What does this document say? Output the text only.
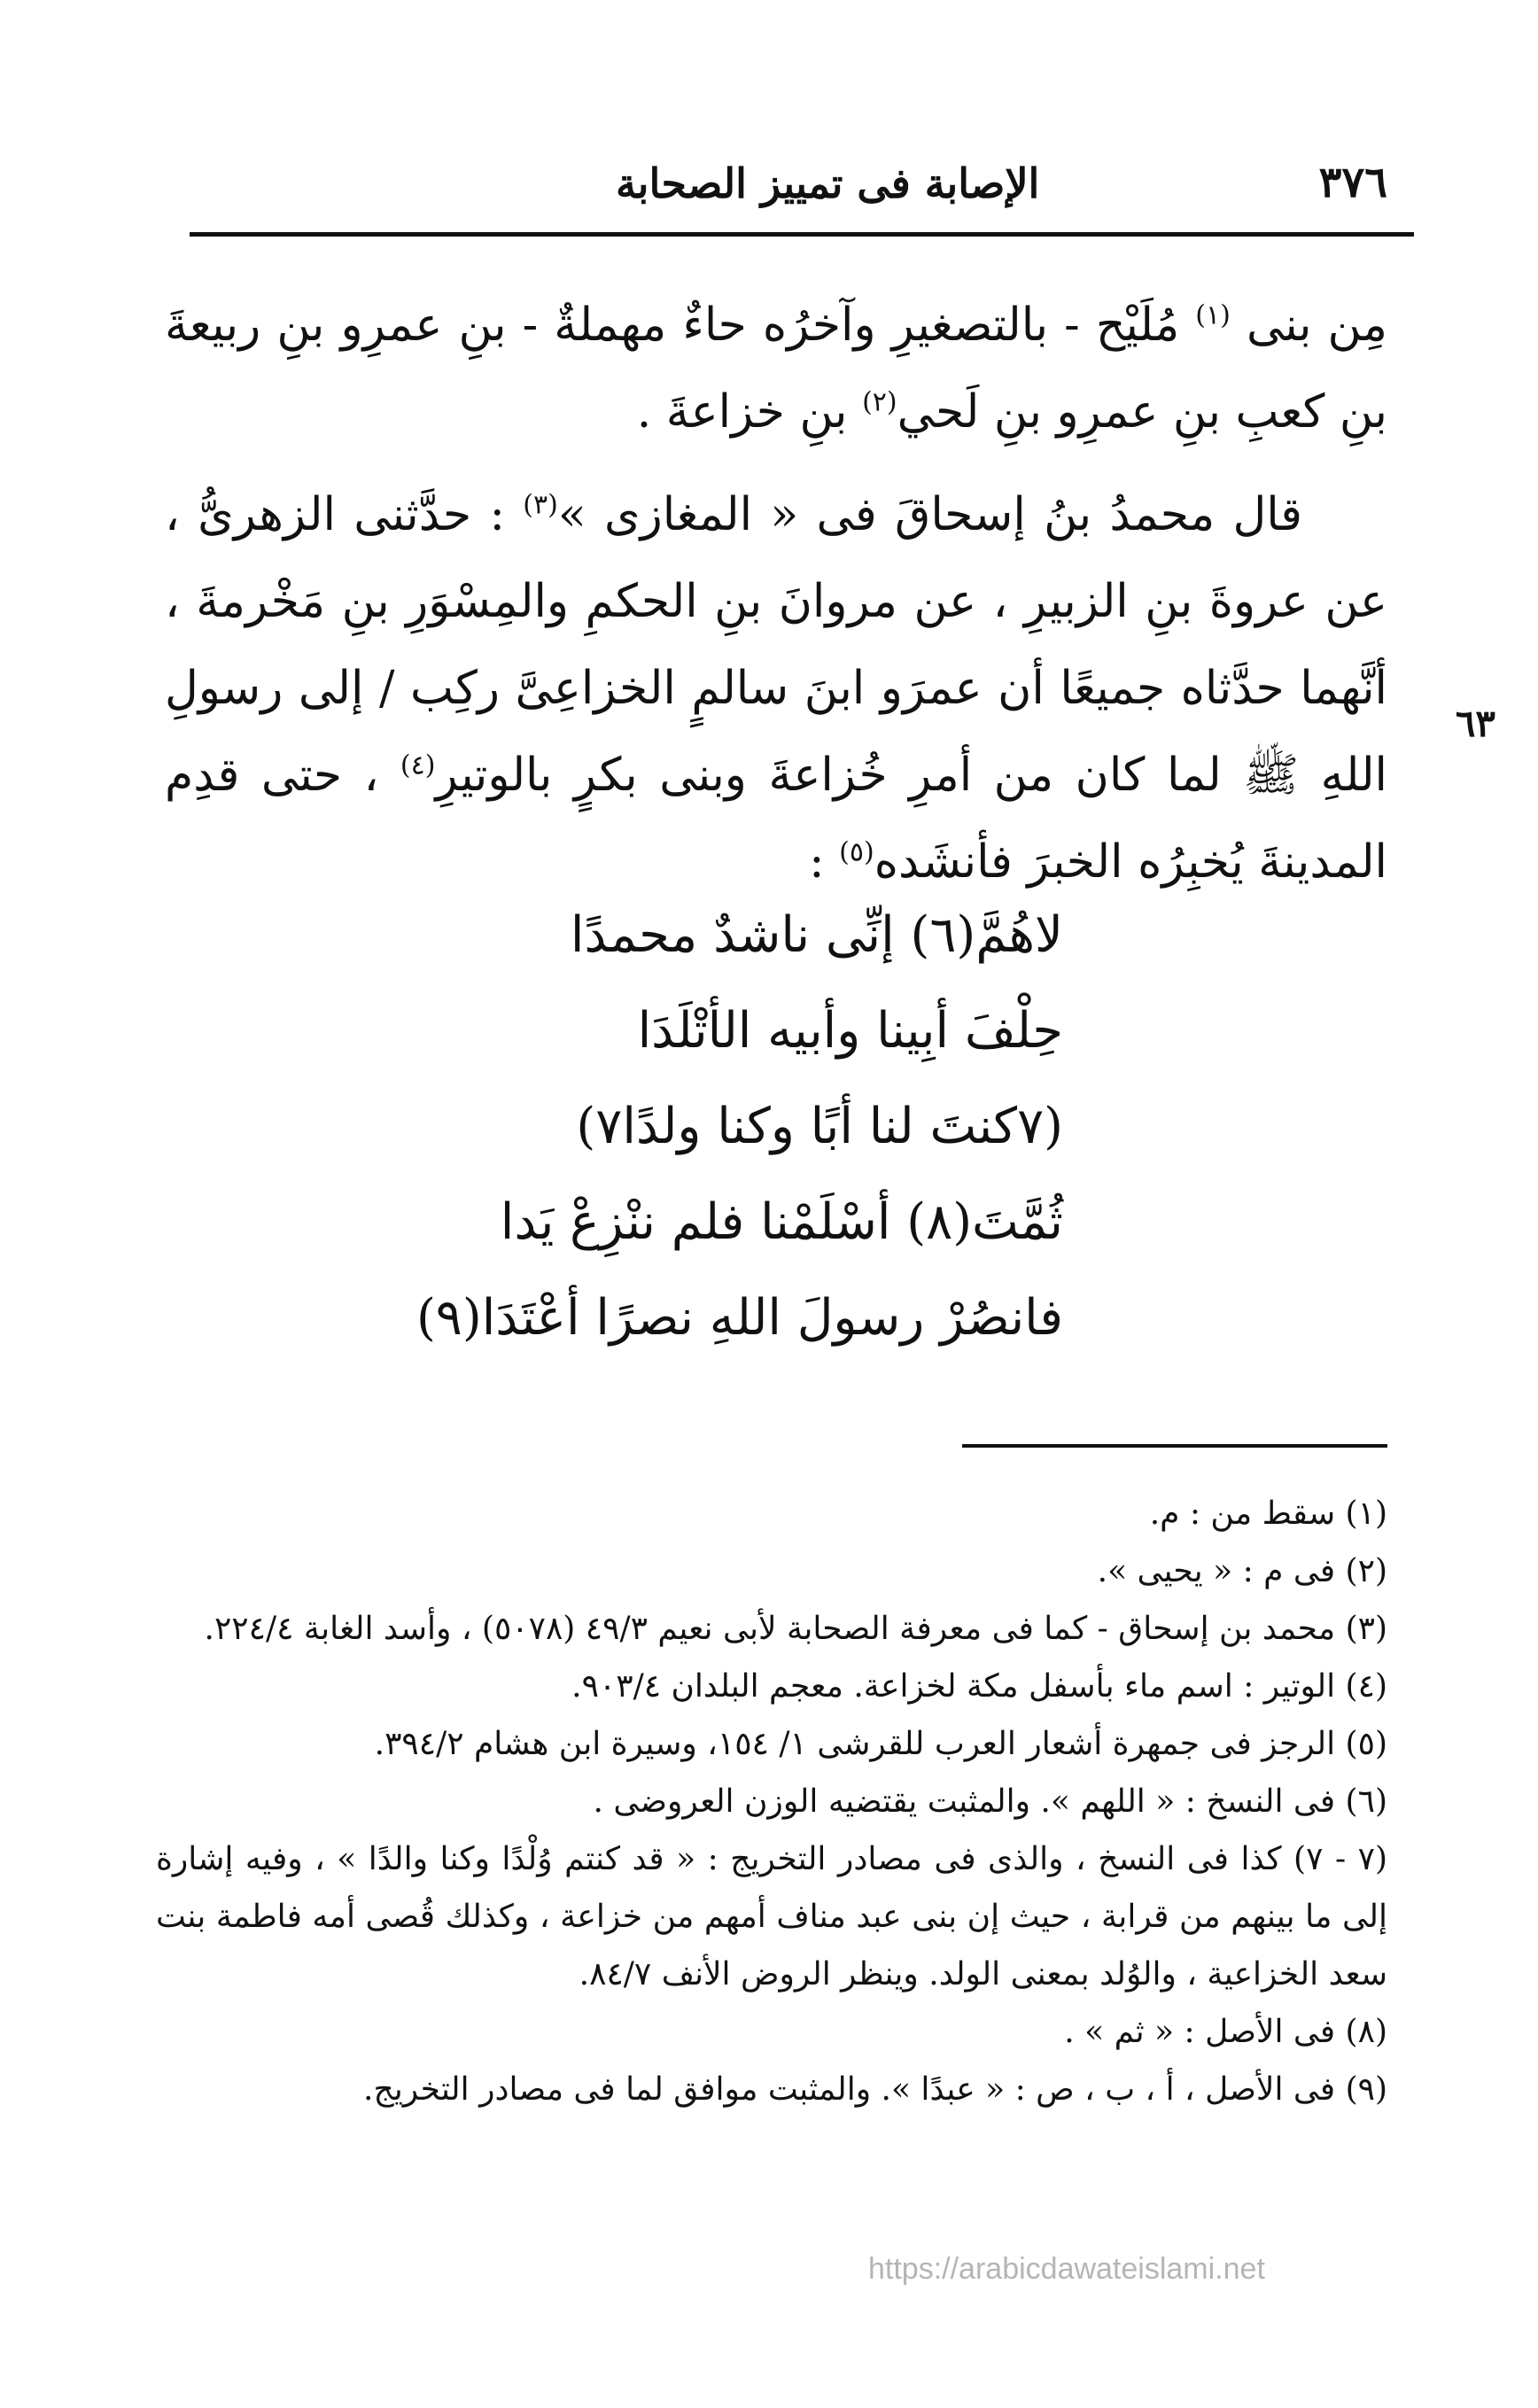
٣٧٦
الإصابة فى تمييز الصحابة
٦٣

مِن بنى $^{(١)}$ مُلَيْح - بالتصغيرِ وآخرُه حاءٌ مهملةٌ - بنِ عمرِو بنِ ربيعةَ بنِ كعبِ بنِ عمرِو بنِ لَحي$^{(٢)}$ بنِ خزاعةَ .

قال محمدُ بنُ إسحاقَ فى « المغازى »$^{(٣)}$ : حدَّثنى الزهرىُّ ، عن عروةَ بنِ الزبيرِ ، عن مروانَ بنِ الحكمِ والمِسْوَرِ بنِ مَخْرمةَ ، أنَّهما حدَّثاه جميعًا أن عمرَو ابنَ سالمٍ الخزاعِىَّ ركِب / إلى رسولِ اللهِ ﷺ لما كان من أمرِ خُزاعةَ وبنى بكرٍ بالوتيرِ$^{(٤)}$ ، حتى قدِم المدينةَ يُخبِرُه الخبرَ فأنشَده$^{(٥)}$ :

لاهُمَّ(٦) إنِّى ناشدٌ محمدًا
حِلْفَ أبِينا وأبيه الأتْلَدَا
(٧كنتَ لنا أبًا وكنا ولدًا٧)
ثُمَّتَ(٨) أسْلَمْنا فلم ننْزِعْ يَدا
فانصُرْ رسولَ اللهِ نصرًا أعْتَدَا(٩)

(١) سقط من : م.

(٢) فى م : « يحيى ».

(٣) محمد بن إسحاق - كما فى معرفة الصحابة لأبى نعيم ٤٩/٣ (٥٠٧٨) ، وأسد الغابة ٢٢٤/٤.

(٤) الوتير : اسم ماء بأسفل مكة لخزاعة. معجم البلدان ٩٠٣/٤.

(٥) الرجز فى جمهرة أشعار العرب للقرشى ١/ ١٥٤، وسيرة ابن هشام ٣٩٤/٢.

(٦) فى النسخ : « اللهم ». والمثبت يقتضيه الوزن العروضى .

(٧ - ٧) كذا فى النسخ ، والذى فى مصادر التخريج : « قد كنتم وُلْدًا وكنا والدًا » ، وفيه إشارة إلى ما بينهم من قرابة ، حيث إن بنى عبد مناف أمهم من خزاعة ، وكذلك قُصى أمه فاطمة بنت سعد الخزاعية ، والوُلد بمعنى الولد. وينظر الروض الأنف ٨٤/٧.

(٨) فى الأصل : « ثم » .

(٩) فى الأصل ، أ ، ب ، ص : « عبدًا ». والمثبت موافق لما فى مصادر التخريج.

https://arabicdawateislami.net
